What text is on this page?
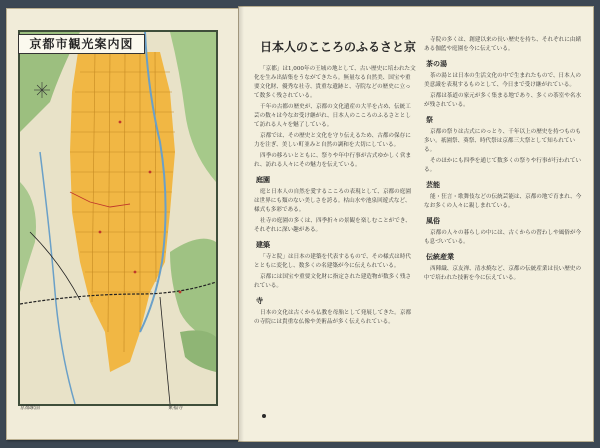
京都市観光案内図
京都駅前	東福寺
日本人のこころのふるさと京
「京都」は1,000年の王城の地として、古い歴史に培われた文化を生み出結集をうながてきたら。無量なる自然美、国宝や重要文化財、優秀な社寺、貴重な遺跡と、寺院などの歴史に立って数多く残されている。
千年の古都の歴史が、京都の文化遺産の大半を占め、伝統工芸の数々は今なお受け継がれ、日本人のこころのふるさととして訪れる人々を魅了している。
京都では、その歴史と文化を守り伝えるため、古都の保存に力を注ぎ、美しい町並みと自然の調和を大切にしている。
四季の移ろいとともに、祭りや年中行事が古式ゆかしく営まれ、訪れる人々にその魅力を伝えている。
庭園
庭と日本人の自然を愛するこころの表現として、京都の庭園は世界にも類のない美しさを誇る。枯山水や池泉回遊式など、様式も多彩である。
社寺の庭園の多くは、四季折々の景観を楽しむことができ、それぞれに深い趣がある。
建築
「寺と院」は日本の建築を代表するもので、その様式は時代とともに変化し、数多くの名建築が今に伝えられている。
京都には国宝や重要文化財に指定された建造物が数多く残されている。
寺
日本の文化は古くから仏教を母胎として発展してきた。京都の寺院には貴重な仏像や美術品が多く伝えられている。
寺院の多くは、創建以来の長い歴史を持ち、それぞれに由緒ある伽藍や庭園を今に伝えている。
茶の湯
茶の湯とは日本の生活文化の中で生まれたもので、日本人の美意識を表現するものとして、今日まで受け継がれている。
京都は茶道の家元が多く集まる地であり、多くの茶室や名水が残されている。
祭
京都の祭りは古式にのっとり、千年以上の歴史を持つものも多い。祇園祭、葵祭、時代祭は京都三大祭として知られている。
そのほかにも四季を通じて数多くの祭りや行事が行われている。
芸能
能・狂言・歌舞伎などの伝統芸能は、京都の地で育まれ、今なお多くの人々に親しまれている。
風俗
京都の人々の暮らしの中には、古くからの習わしや風俗が今も息づいている。
伝統産業
西陣織、京友禅、清水焼など、京都の伝統産業は長い歴史の中で培われた技術を今に伝えている。
